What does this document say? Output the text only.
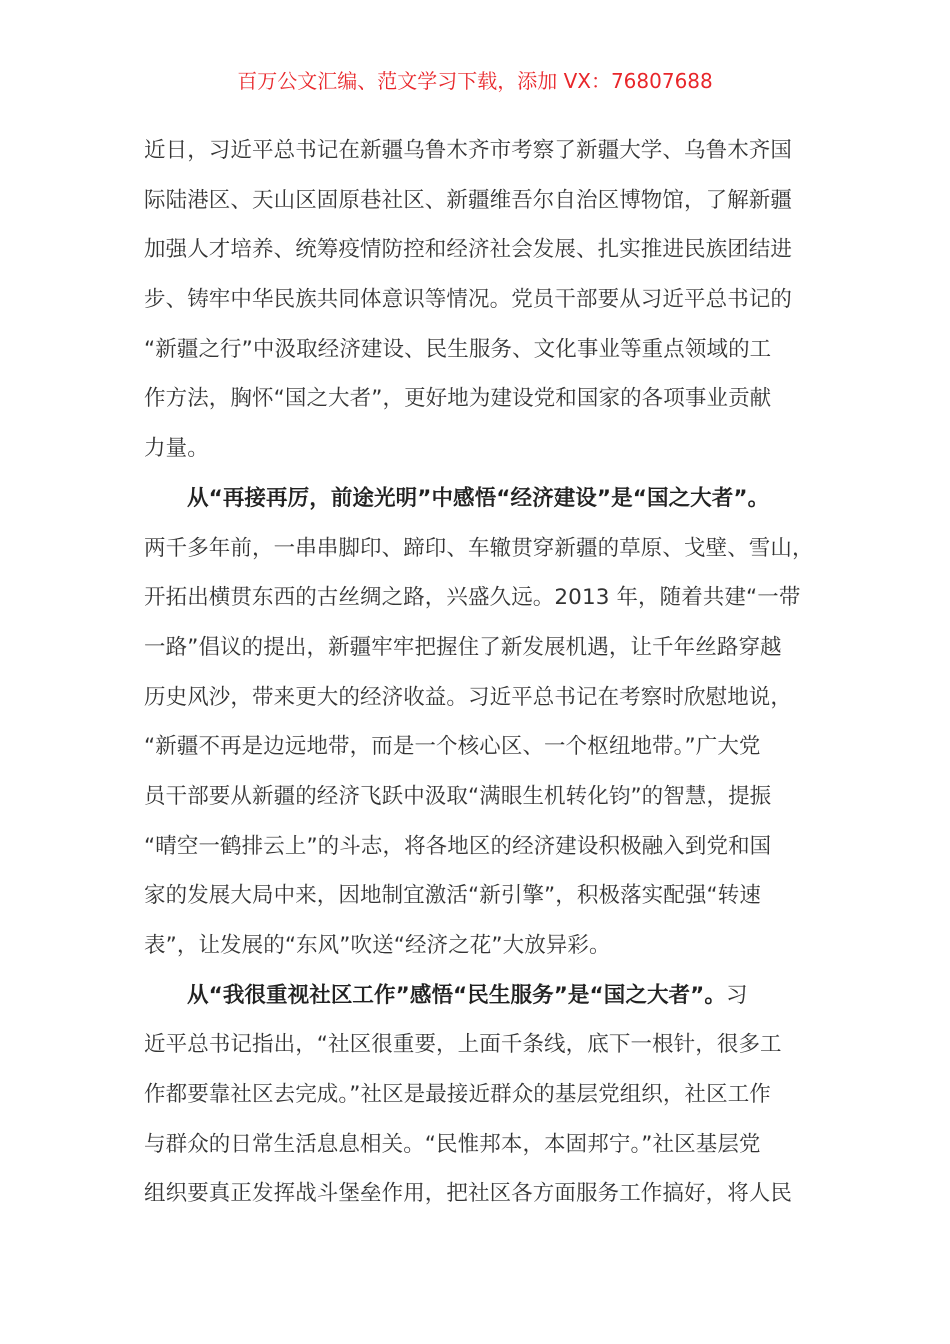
百万公文汇编、范文学习下载，添加 VX：76807688
近日，习近平总书记在新疆乌鲁木齐市考察了新疆大学、乌鲁木齐国
际陆港区、天山区固原巷社区、新疆维吾尔自治区博物馆，了解新疆
加强人才培养、统筹疫情防控和经济社会发展、扎实推进民族团结进
步、铸牢中华民族共同体意识等情况。党员干部要从习近平总书记的
“新疆之行”中汲取经济建设、民生服务、文化事业等重点领域的工
作方法，胸怀“国之大者”，更好地为建设党和国家的各项事业贡献
力量。
从“再接再厉，前途光明”中感悟“经济建设”是“国之大者”。
两千多年前，一串串脚印、蹄印、车辙贯穿新疆的草原、戈壁、雪山，
开拓出横贯东西的古丝绸之路，兴盛久远。2013 年，随着共建“一带
一路”倡议的提出，新疆牢牢把握住了新发展机遇，让千年丝路穿越
历史风沙，带来更大的经济收益。习近平总书记在考察时欣慰地说，
“新疆不再是边远地带，而是一个核心区、一个枢纽地带。”广大党
员干部要从新疆的经济飞跃中汲取“满眼生机转化钧”的智慧，提振
“晴空一鹤排云上”的斗志，将各地区的经济建设积极融入到党和国
家的发展大局中来，因地制宜激活“新引擎”，积极落实配强“转速
表”，让发展的“东风”吹送“经济之花”大放异彩。
从“我很重视社区工作”感悟“民生服务”是“国之大者”。习
近平总书记指出，“社区很重要，上面千条线，底下一根针，很多工
作都要靠社区去完成。”社区是最接近群众的基层党组织，社区工作
与群众的日常生活息息相关。“民惟邦本，本固邦宁。”社区基层党
组织要真正发挥战斗堡垒作用，把社区各方面服务工作搞好，将人民
